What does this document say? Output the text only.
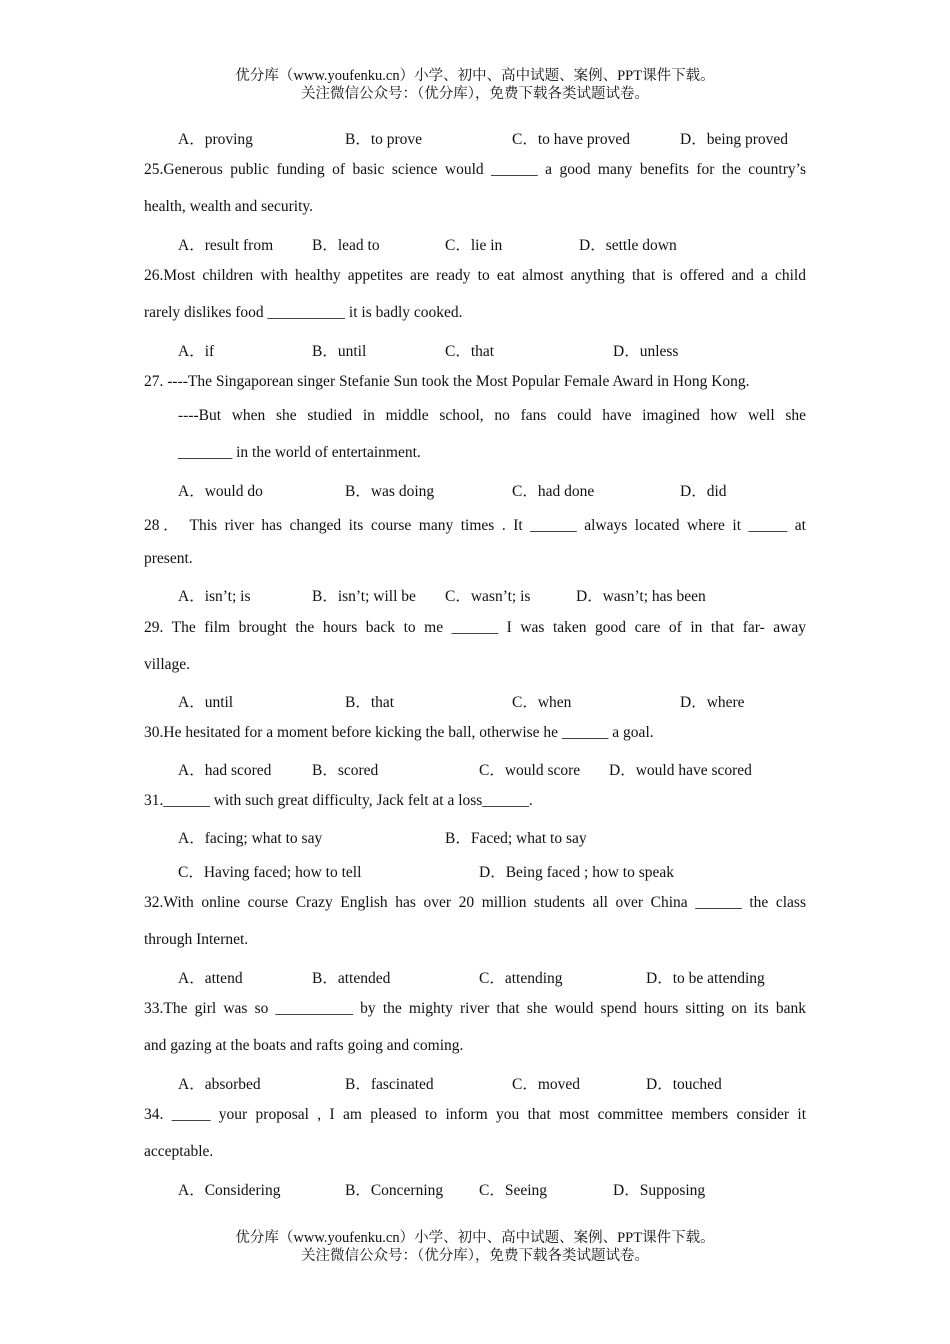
优分库（www.youfenku.cn）小学、初中、高中试题、案例、PPT课件下载。
关注微信公众号：（优分库），免费下载各类试题试卷。
A．proving	B．to prove	C．to have proved	D．being proved
25.Generous public funding of basic science would ______ a good many benefits for the country’s
health, wealth and security.
A．result from	B．lead to	C．lie in	D．settle down
26.Most children with healthy appetites are ready to eat almost anything that is offered and a child
rarely dislikes food __________ it is badly cooked.
A．if	B．until	C．that	D．unless
27. ----The Singaporean singer Stefanie Sun took the Most Popular Female Award in Hong Kong.
----But when she studied in middle school, no fans could have imagined how well she
_______ in the world of entertainment.
A．would do	B．was doing	C．had done	D．did
28． This river has changed its course many times . It ______ always located where it _____ at
present.
A．isn’t; is	B．isn’t; will be C．wasn’t; is	D．wasn’t; has been
29. The film brought the hours back to me ______ I was taken good care of in that far- away
village.
A．until	B．that	C．when	D．where
30.He hesitated for a moment before kicking the ball, otherwise he ______ a goal.
A．had scored	B．scored	C．would score D．would have scored
31.______ with such great difficulty, Jack felt at a loss______.
A．facing; what to say	B．Faced; what to say
C．Having faced; how to tell	D．Being faced ; how to speak
32.With online course Crazy English has over 20 million students all over China ______ the class
through Internet.
A．attend	B．attended	C．attending	D．to be attending
33.The girl was so __________ by the mighty river that she would spend hours sitting on its bank
and gazing at the boats and rafts going and coming.
A．absorbed	B．fascinated	C．moved	D．touched
34. _____ your proposal , I am pleased to inform you that most committee members consider it
acceptable.
A．Considering	B．Concerning C．Seeing	D．Supposing
优分库（www.youfenku.cn）小学、初中、高中试题、案例、PPT课件下载。
关注微信公众号：（优分库），免费下载各类试题试卷。
